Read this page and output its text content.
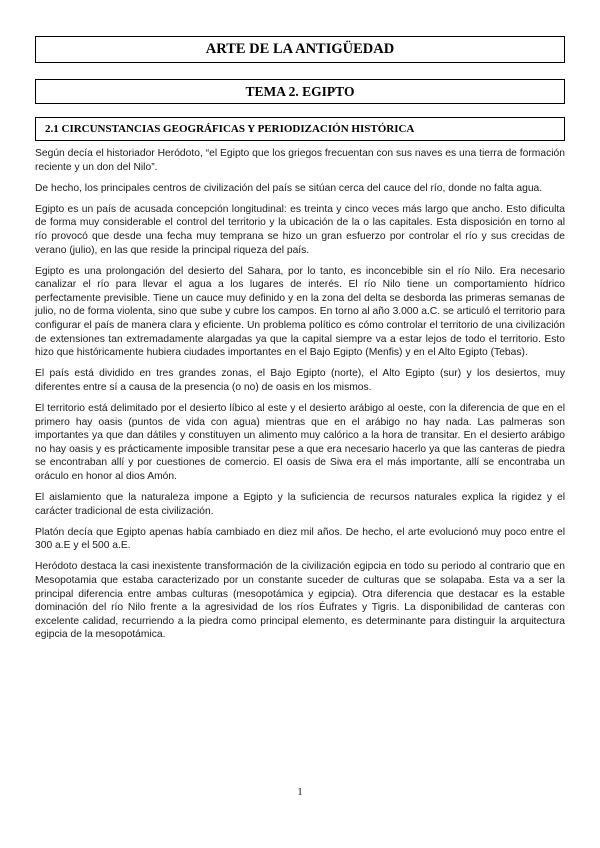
ARTE DE LA ANTIGÜEDAD
TEMA 2. EGIPTO
2.1 CIRCUNSTANCIAS GEOGRÁFICAS Y PERIODIZACIÓN HISTÓRICA

Según decía el historiador Heródoto, “el Egipto que los griegos frecuentan con sus naves es una tierra de formación reciente y un don del Nilo”.

De hecho, los principales centros de civilización del país se sitúan cerca del cauce del río, donde no falta agua.

Egipto es un país de acusada concepción longitudinal: es treinta y cinco veces más largo que ancho. Esto dificulta de forma muy considerable el control del territorio y la ubicación de la o las capitales. Esta disposición en torno al río provocó que desde una fecha muy temprana se hizo un gran esfuerzo por controlar el río y sus crecidas de verano (julio), en las que reside la principal riqueza del país.

Egipto es una prolongación del desierto del Sahara, por lo tanto, es inconcebible sin el río Nilo. Era necesario canalizar el río para llevar el agua a los lugares de interés. El río Nilo tiene un comportamiento hídrico perfectamente previsible. Tiene un cauce muy definido y en la zona del delta se desborda las primeras semanas de julio, no de forma violenta, sino que sube y cubre los campos. En torno al año 3.000 a.C. se articuló el territorio para configurar el país de manera clara y eficiente. Un problema político es cómo controlar el territorio de una civilización de extensiones tan extremadamente alargadas ya que la capital siempre va a estar lejos de todo el territorio. Esto hizo que históricamente hubiera ciudades importantes en el Bajo Egipto (Menfis) y en el Alto Egipto (Tebas).

El país está dividido en tres grandes zonas, el Bajo Egipto (norte), el Alto Egipto (sur) y los desiertos, muy diferentes entre sí a causa de la presencia (o no) de oasis en los mismos.

El territorio está delimitado por el desierto líbico al este y el desierto arábigo al oeste, con la diferencia de que en el primero hay oasis (puntos de vida con agua) mientras que en el arábigo no hay nada. Las palmeras son importantes ya que dan dátiles y constituyen un alimento muy calórico a la hora de transitar. En el desierto arábigo no hay oasis y es prácticamente imposible transitar pese a que era necesario hacerlo ya que las canteras de piedra se encontraban allí y por cuestiones de comercio. El oasis de Siwa era el más importante, allí se encontraba un oráculo en honor al dios Amón.

El aislamiento que la naturaleza impone a Egipto y la suficiencia de recursos naturales explica la rigidez y el carácter tradicional de esta civilización.

Platón decía que Egipto apenas había cambiado en diez mil años. De hecho, el arte evolucionó muy poco entre el 300 a.E y el 500 a.E.

Heródoto destaca la casi inexistente transformación de la civilización egipcia en todo su periodo al contrario que en Mesopotamia que estaba caracterizado por un constante suceder de culturas que se solapaba. Esta va a ser la principal diferencia entre ambas culturas (mesopotámica y egipcia). Otra diferencia que destacar es la estable dominación del río Nilo frente a la agresividad de los ríos Éufrates y Tigris. La disponibilidad de canteras con excelente calidad, recurriendo a la piedra como principal elemento, es determinante para distinguir la arquitectura egipcia de la mesopotámica.

1
